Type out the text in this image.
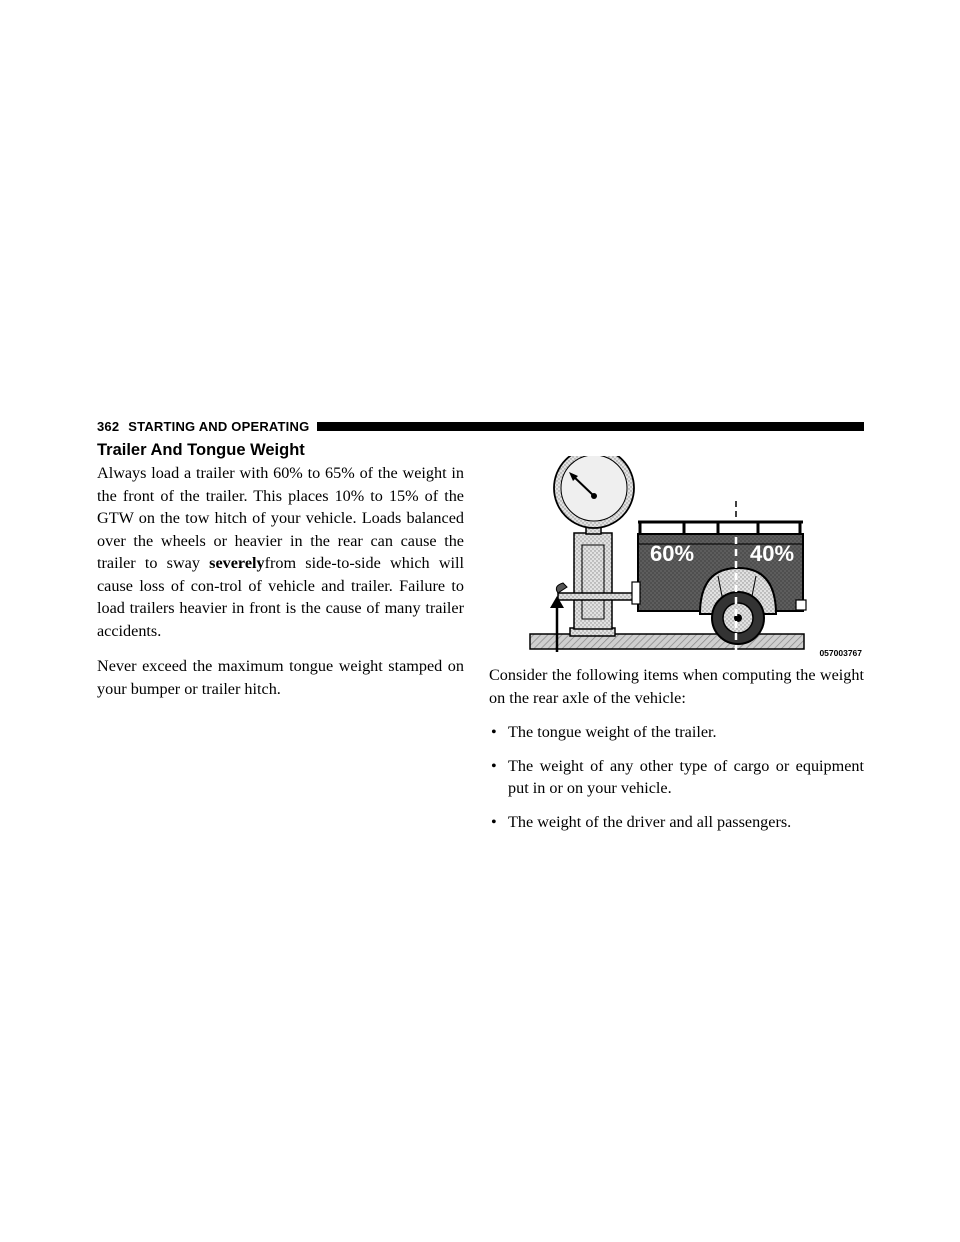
362 STARTING AND OPERATING
Trailer And Tongue Weight

Always load a trailer with 60% to 65% of the weight in the front of the trailer. This places 10% to 15% of the GTW on the tow hitch of your vehicle. Loads balanced over the wheels or heavier in the rear can cause the trailer to sway severelyfrom side-to-side which will cause loss of con-trol of vehicle and trailer. Failure to load trailers heavier in front is the cause of many trailer accidents.

Never exceed the maximum tongue weight stamped on your bumper or trailer hitch.

60%	40%
057003767

Consider the following items when computing the weight on the rear axle of the vehicle:

• The tongue weight of the trailer.
• The weight of any other type of cargo or equipment put in or on your vehicle.
• The weight of the driver and all passengers.
